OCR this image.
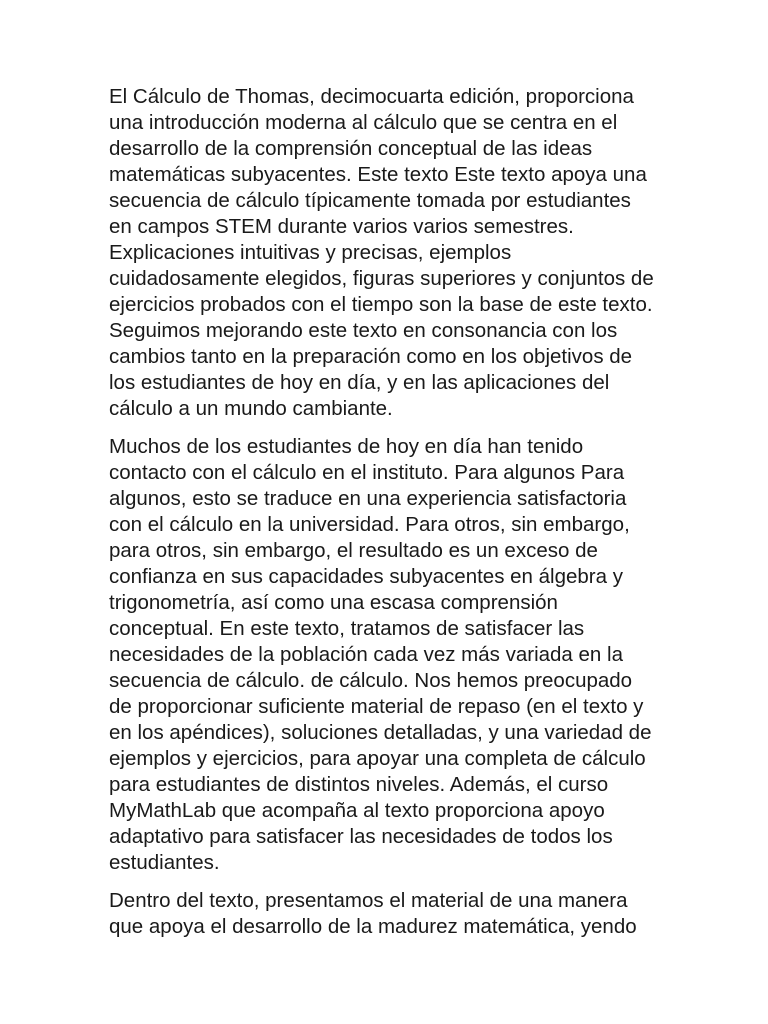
El Cálculo de Thomas, decimocuarta edición, proporciona
una introducción moderna al cálculo que se centra en el
desarrollo de la comprensión conceptual de las ideas
matemáticas subyacentes. Este texto Este texto apoya una
secuencia de cálculo típicamente tomada por estudiantes
en campos STEM durante varios varios semestres.
Explicaciones intuitivas y precisas, ejemplos
cuidadosamente elegidos, figuras superiores y conjuntos de
ejercicios probados con el tiempo son la base de este texto.
Seguimos mejorando este texto en consonancia con los
cambios tanto en la preparación como en los objetivos de
los estudiantes de hoy en día, y en las aplicaciones del
cálculo a un mundo cambiante.
Muchos de los estudiantes de hoy en día han tenido
contacto con el cálculo en el instituto. Para algunos Para
algunos, esto se traduce en una experiencia satisfactoria
con el cálculo en la universidad. Para otros, sin embargo,
para otros, sin embargo, el resultado es un exceso de
confianza en sus capacidades subyacentes en álgebra y
trigonometría, así como una escasa comprensión
conceptual. En este texto, tratamos de satisfacer las
necesidades de la población cada vez más variada en la
secuencia de cálculo. de cálculo. Nos hemos preocupado
de proporcionar suficiente material de repaso (en el texto y
en los apéndices), soluciones detalladas, y una variedad de
ejemplos y ejercicios, para apoyar una completa de cálculo
para estudiantes de distintos niveles. Además, el curso
MyMathLab que acompaña al texto proporciona apoyo
adaptativo para satisfacer las necesidades de todos los
estudiantes.
Dentro del texto, presentamos el material de una manera
que apoya el desarrollo de la madurez matemática, yendo
